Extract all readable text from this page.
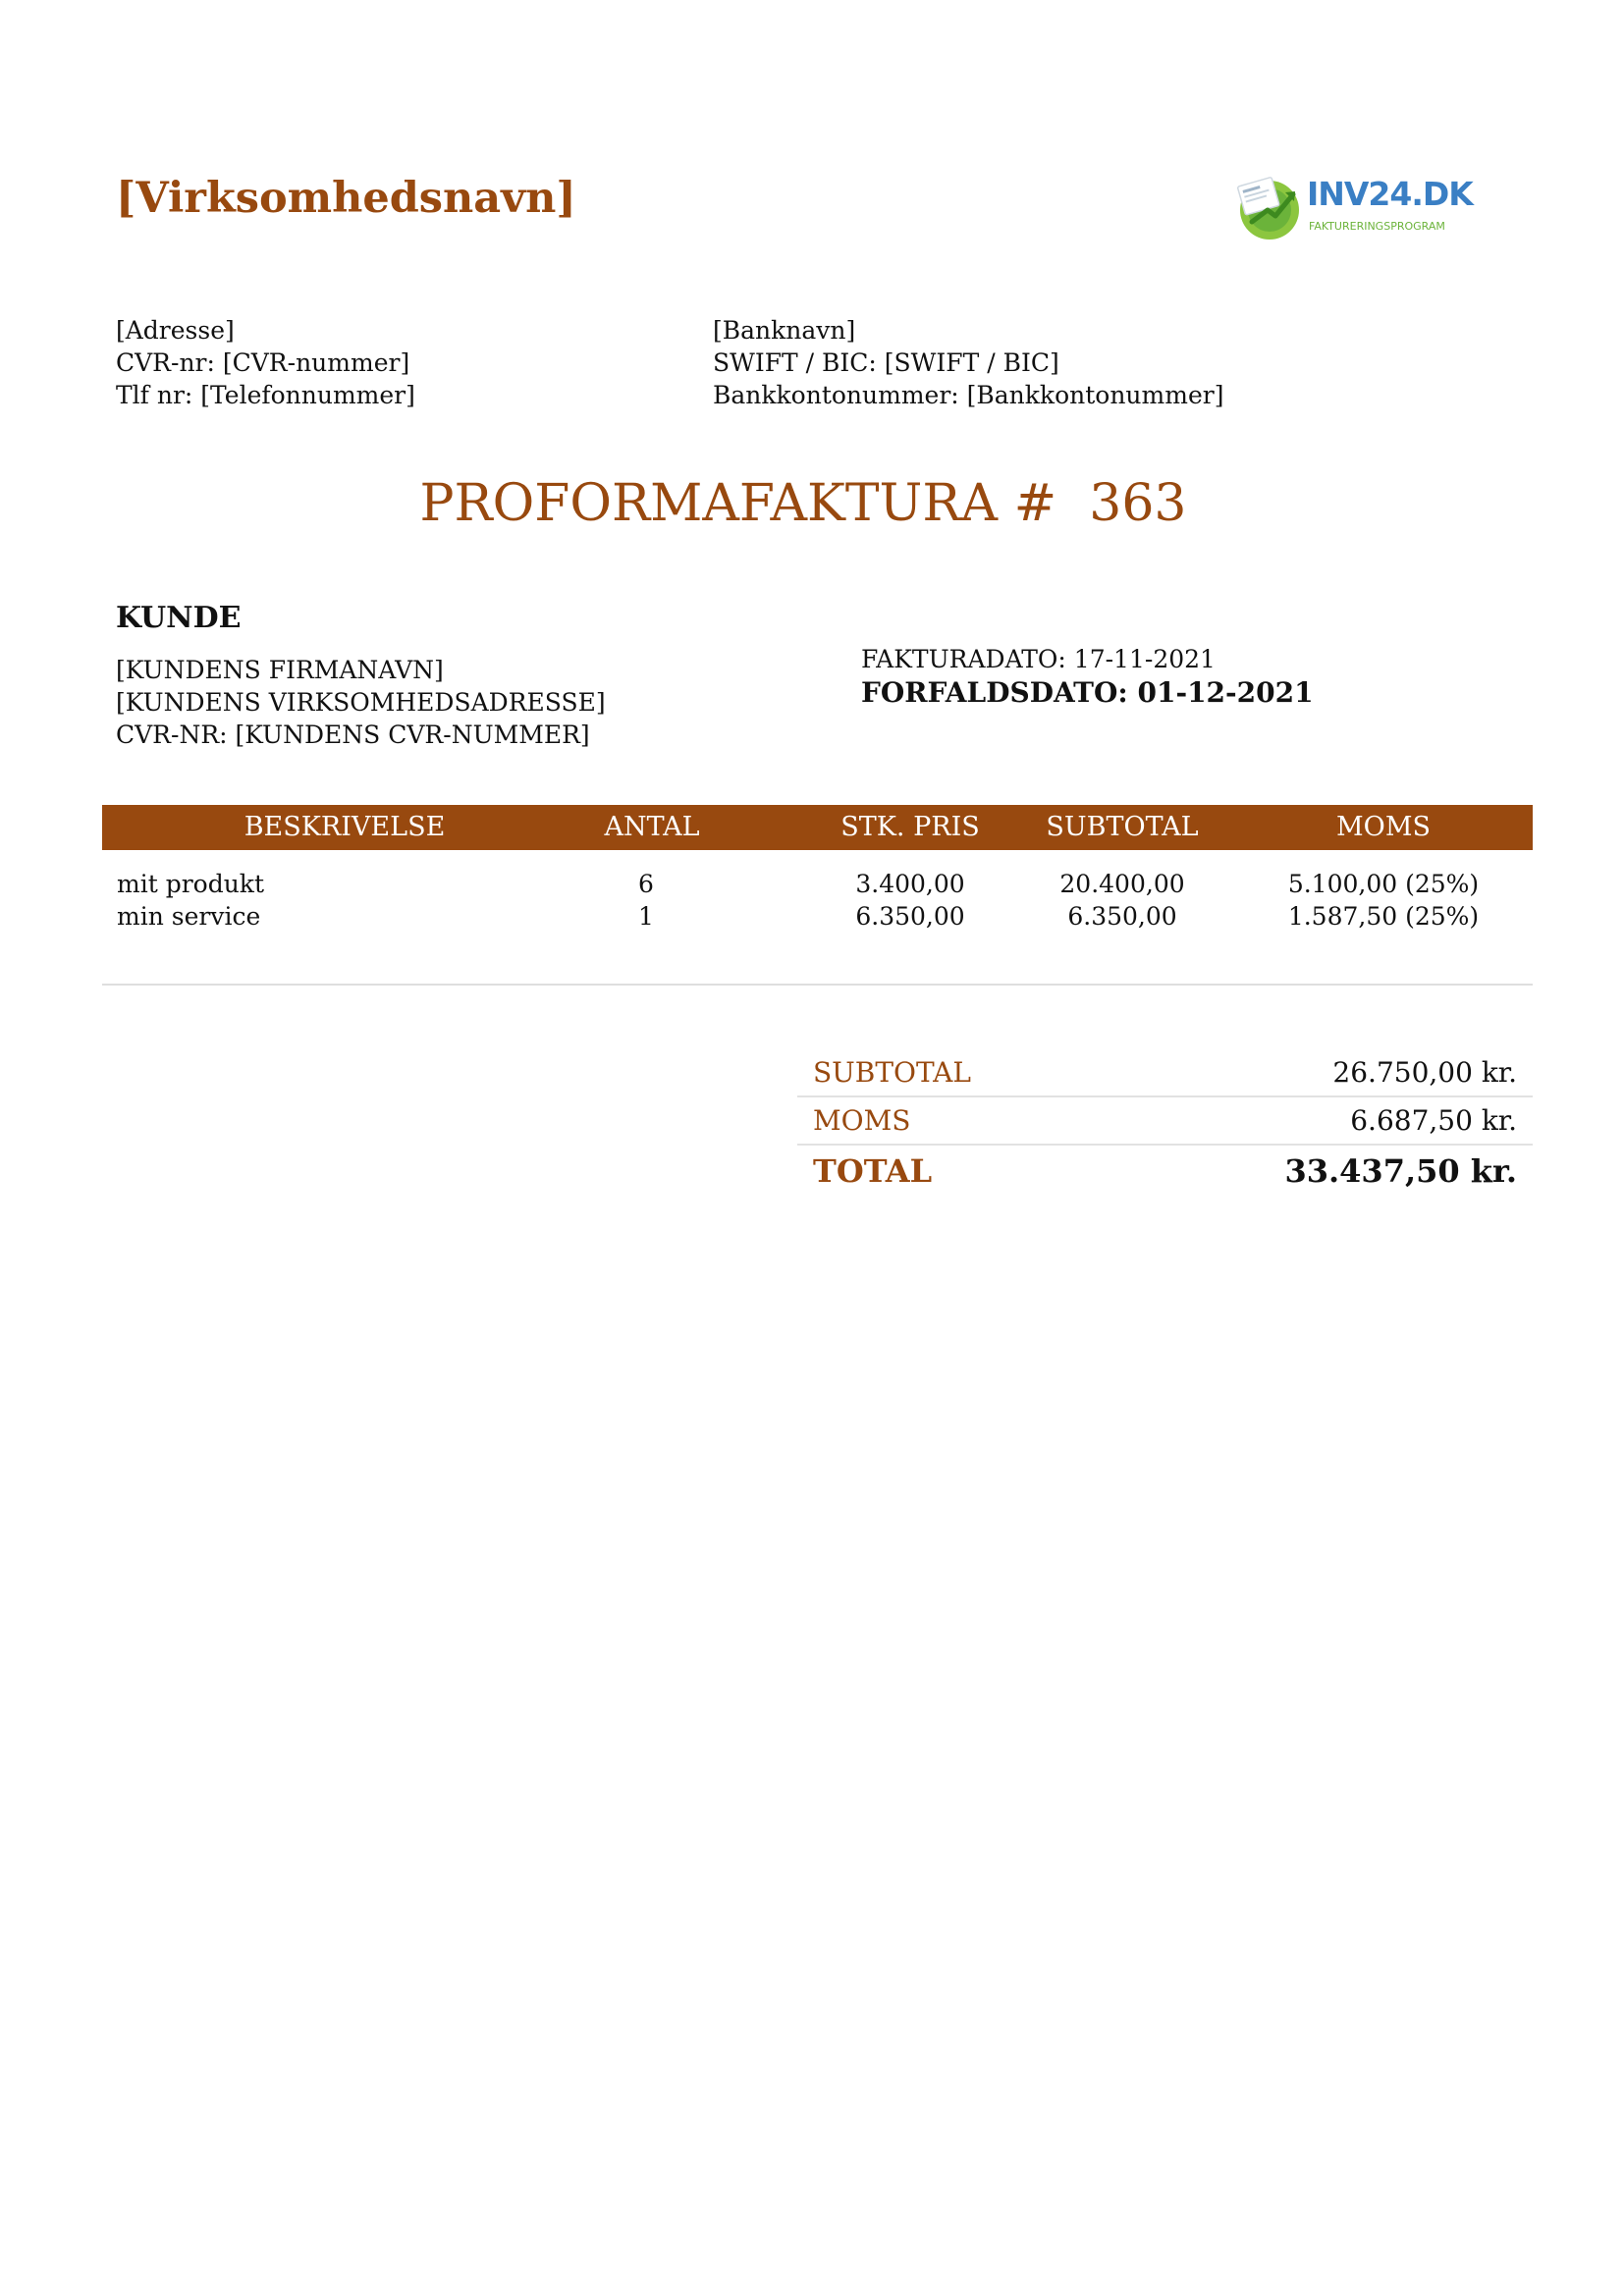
[Virksomhedsnavn]	INV24.DK
FAKTURERINGSPROGRAM
[Adresse]
CVR-nr: [CVR-nummer]
Tlf nr: [Telefonnummer]
[Banknavn]
SWIFT / BIC: [SWIFT / BIC]
Bankkontonummer: [Bankkontonummer]
PROFORMAFAKTURA #  363
KUNDE
[KUNDENS FIRMANAVN]
[KUNDENS VIRKSOMHEDSADRESSE]
CVR-NR: [KUNDENS CVR-NUMMER]
FAKTURADATO: 17-11-2021
FORFALDSDATO: 01-12-2021
BESKRIVELSE	ANTAL	STK. PRIS	SUBTOTAL	MOMS
mit produkt	6	3.400,00	20.400,00	5.100,00 (25%)
min service	1	6.350,00	6.350,00	1.587,50 (25%)
SUBTOTAL	26.750,00 kr.
MOMS	6.687,50 kr.
TOTAL	33.437,50 kr.
